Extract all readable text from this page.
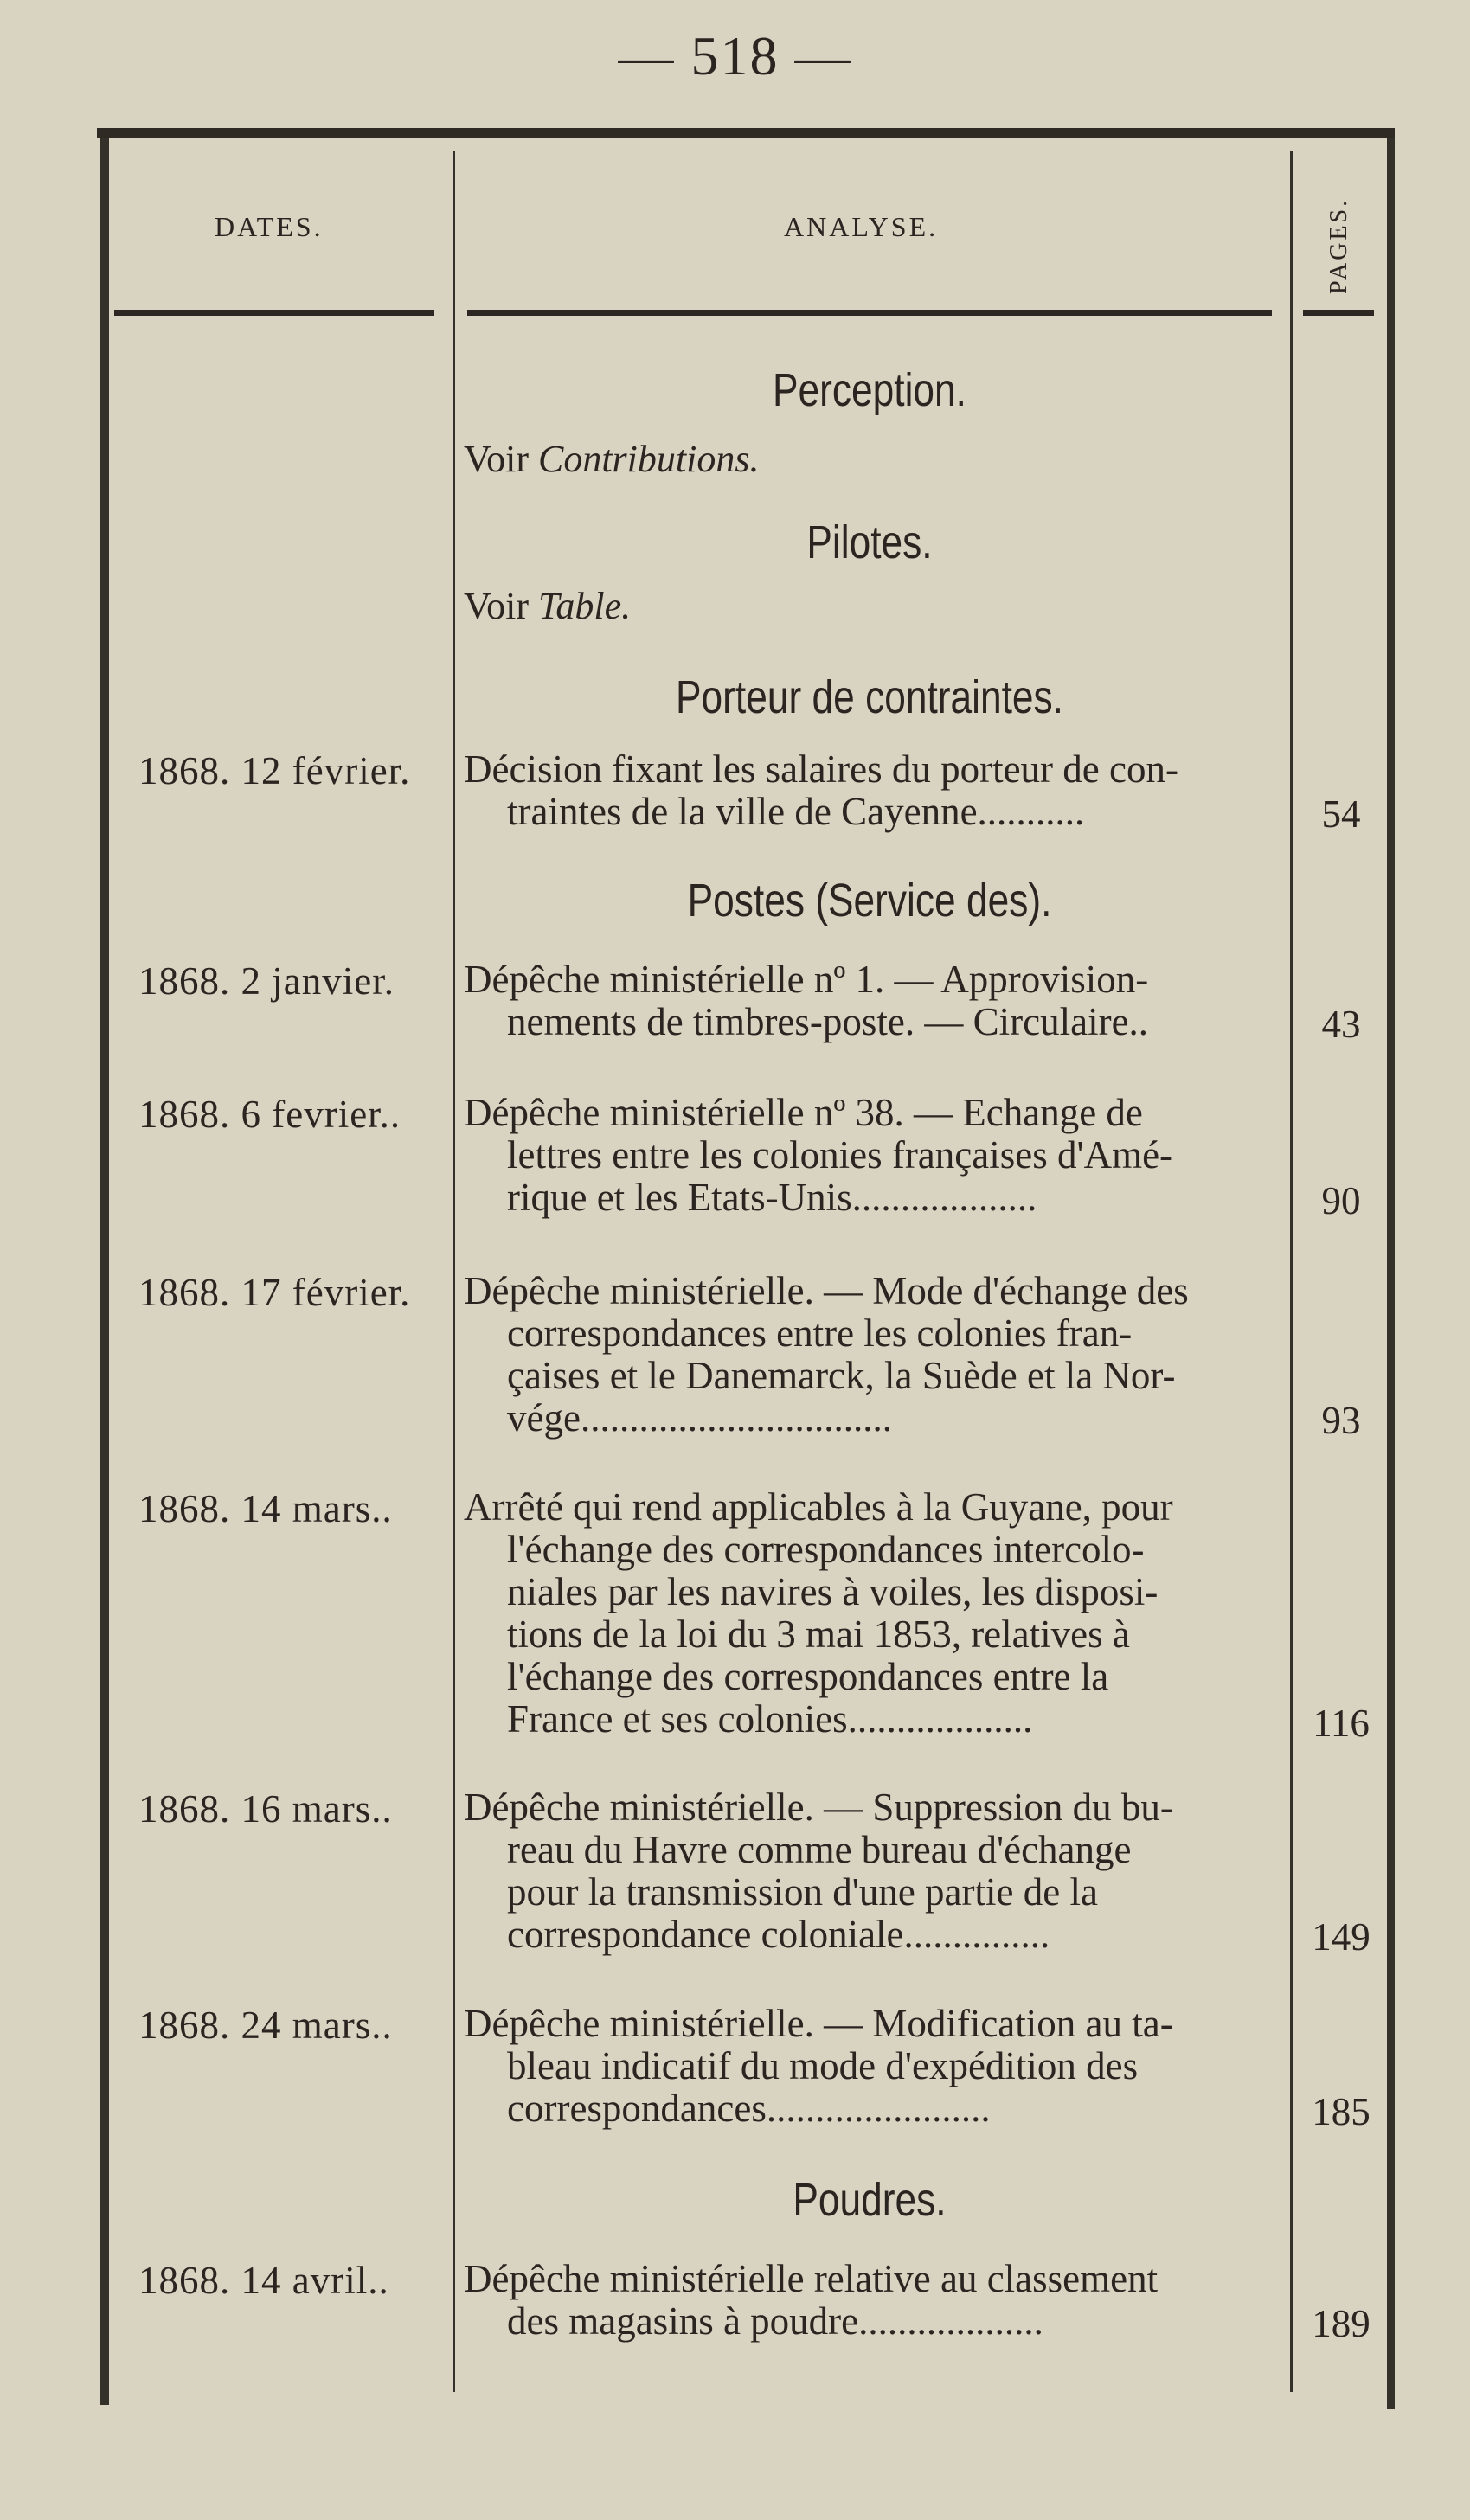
— 518 —
DATES.	ANALYSE.	PAGES.
Perception.
Voir Contributions.
Pilotes.
Voir Table.
Porteur de contraintes.
1868. 12 février.	Décision fixant les salaires du porteur de con-
traintes de la ville de Cayenne...........	54
Postes (Service des).
1868. 2 janvier.	Dépêche ministérielle nº 1. — Approvision-
nements de timbres-poste. — Circulaire..	43
1868. 6 fevrier..	Dépêche ministérielle nº 38. — Echange de
lettres entre les colonies françaises d'Amé-
rique et les Etats-Unis...................	90
1868. 17 février.	Dépêche ministérielle. — Mode d'échange des
correspondances entre les colonies fran-
çaises et le Danemarck, la Suède et la Nor-
vége................................	93
1868. 14 mars..	Arrêté qui rend applicables à la Guyane, pour
l'échange des correspondances intercolo-
niales par les navires à voiles, les disposi-
tions de la loi du 3 mai 1853, relatives à
l'échange des correspondances entre la
France et ses colonies...................	116
1868. 16 mars..	Dépêche ministérielle. — Suppression du bu-
reau du Havre comme bureau d'échange
pour la transmission d'une partie de la
correspondance coloniale...............	149
1868. 24 mars..	Dépêche ministérielle. — Modification au ta-
bleau indicatif du mode d'expédition des
correspondances.......................	185
Poudres.
1868. 14 avril..	Dépêche ministérielle relative au classement
des magasins à poudre...................	189
